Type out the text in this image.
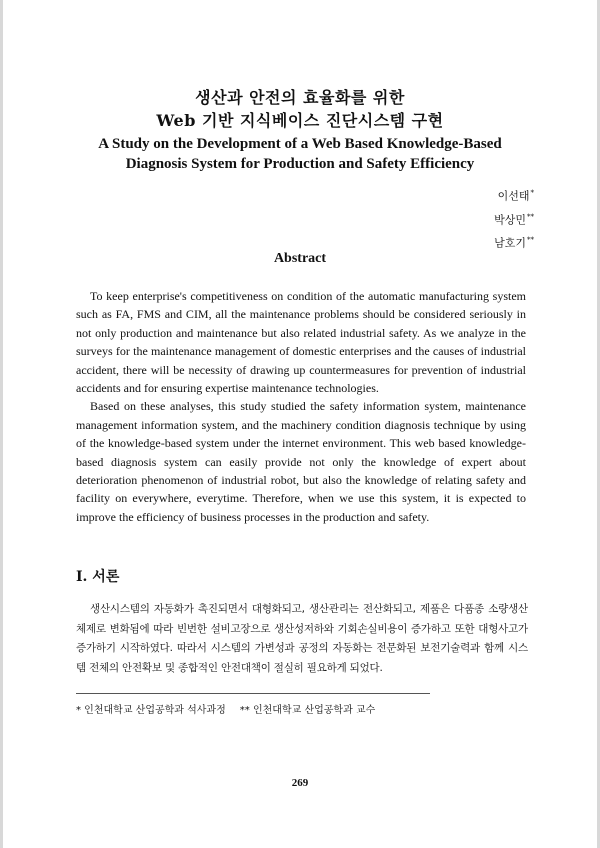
생산과 안전의 효율화를 위한
Web 기반 지식베이스 진단시스템 구현
A Study on the Development of a Web Based Knowledge-Based
Diagnosis System for Production and Safety Efficiency
이선태*
박상민**
남호기**
Abstract

To keep enterprise's competitiveness on condition of the automatic manufacturing system such as FA, FMS and CIM, all the maintenance problems should be considered seriously in not only production and maintenance but also related industrial safety. As we analyze in the surveys for the maintenance management of domestic enterprises and the causes of industrial accident, there will be necessity of drawing up countermeasures for prevention of industrial accidents and for ensuring expertise maintenance technologies.

Based on these analyses, this study studied the safety information system, maintenance management information system, and the machinery condition diagnosis technique by using of the knowledge-based system under the internet environment. This web based knowledge-based diagnosis system can easily provide not only the knowledge of expert about deterioration phenomenon of industrial robot, but also the knowledge of relating safety and facility on everywhere, everytime. Therefore, when we use this system, it is expected to improve the efficiency of business processes in the production and safety.

Ⅰ. 서론

생산시스템의 자동화가 촉진되면서 대형화되고, 생산관리는 전산화되고, 제품은 다품종 소량생산체제로 변화됨에 따라 빈번한 설비고장으로 생산성저하와 기회손실비용이 증가하고 또한 대형사고가 증가하기 시작하였다. 따라서 시스템의 가변성과 공정의 자동화는 전문화된 보전기술력과 함께 시스템 전체의 안전확보 및 종합적인 안전대책이 절실히 필요하게 되었다.

* 인천대학교 산업공학과 석사과정 ** 인천대학교 산업공학과 교수
269
